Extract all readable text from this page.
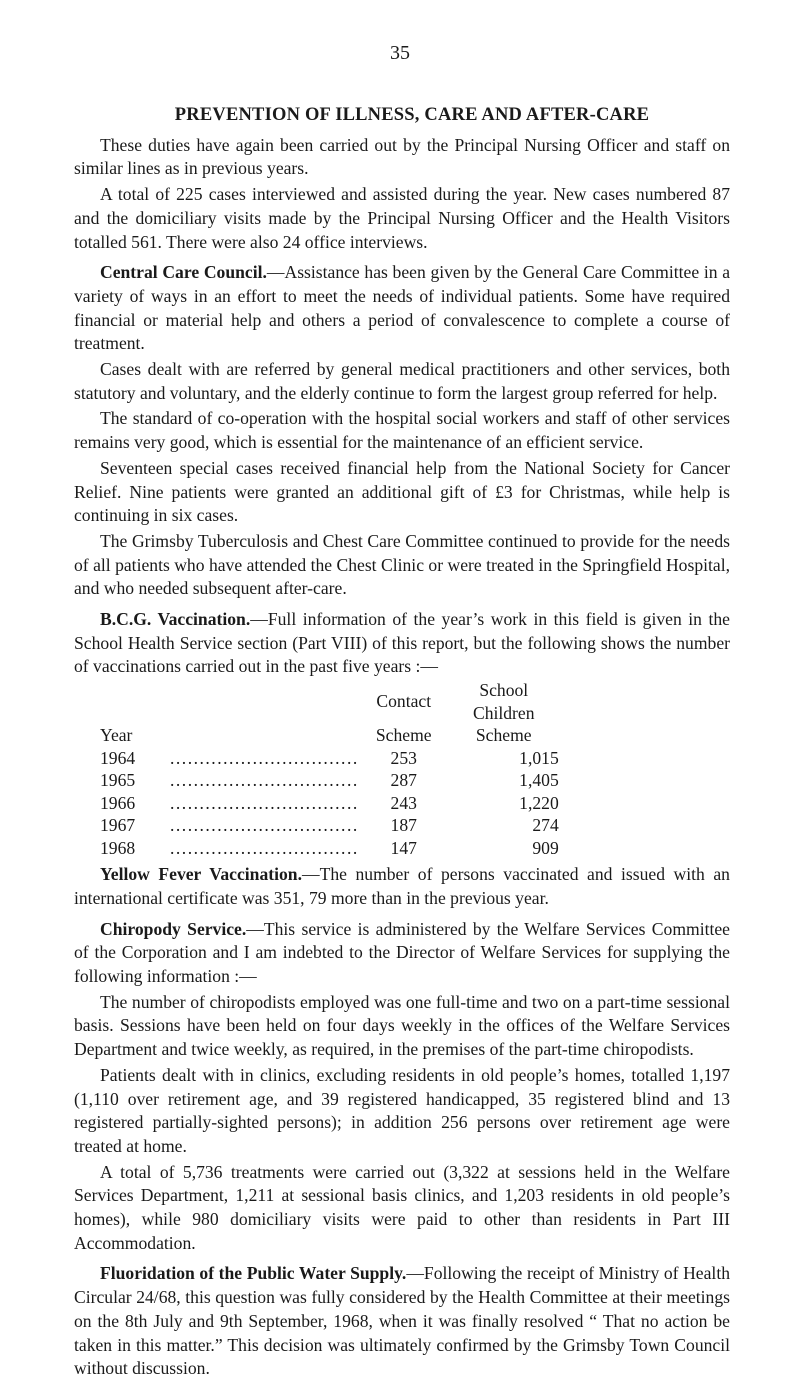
35
PREVENTION OF ILLNESS, CARE AND AFTER-CARE

These duties have again been carried out by the Principal Nursing Officer and staff on similar lines as in previous years.

A total of 225 cases interviewed and assisted during the year. New cases numbered 87 and the domiciliary visits made by the Principal Nursing Officer and the Health Visitors totalled 561. There were also 24 office interviews.

Central Care Council.—Assistance has been given by the General Care Committee in a variety of ways in an effort to meet the needs of individual patients. Some have required financial or material help and others a period of convalescence to complete a course of treatment.

Cases dealt with are referred by general medical practitioners and other services, both statutory and voluntary, and the elderly continue to form the largest group referred for help.

The standard of co-operation with the hospital social workers and staff of other services remains very good, which is essential for the maintenance of an efficient service.

Seventeen special cases received financial help from the National Society for Cancer Relief. Nine patients were granted an additional gift of £3 for Christmas, while help is continuing in six cases.

The Grimsby Tuberculosis and Chest Care Committee continued to provide for the needs of all patients who have attended the Chest Clinic or were treated in the Springfield Hospital, and who needed subsequent after-care.

B.C.G. Vaccination.—Full information of the year’s work in this field is given in the School Health Service section (Part VIII) of this report, but the following shows the number of vaccinations carried out in the past five years :—

		Contact	School Children
Year		Scheme	Scheme
1964	................................	253	1,015
1965	................................	287	1,405
1966	................................	243	1,220
1967	................................	187	274
1968	................................	147	909

Yellow Fever Vaccination.—The number of persons vaccinated and issued with an international certificate was 351, 79 more than in the previous year.

Chiropody Service.—This service is administered by the Welfare Services Committee of the Corporation and I am indebted to the Director of Welfare Services for supplying the following information :—

The number of chiropodists employed was one full-time and two on a part-time sessional basis. Sessions have been held on four days weekly in the offices of the Welfare Services Department and twice weekly, as required, in the premises of the part-time chiropodists.

Patients dealt with in clinics, excluding residents in old people’s homes, totalled 1,197 (1,110 over retirement age, and 39 registered handicapped, 35 registered blind and 13 registered partially-sighted persons); in addition 256 persons over retirement age were treated at home.

A total of 5,736 treatments were carried out (3,322 at sessions held in the Welfare Services Department, 1,211 at sessional basis clinics, and 1,203 residents in old people’s homes), while 980 domiciliary visits were paid to other than residents in Part III Accommodation.

Fluoridation of the Public Water Supply.—Following the receipt of Ministry of Health Circular 24/68, this question was fully considered by the Health Committee at their meetings on the 8th July and 9th September, 1968, when it was finally resolved “ That no action be taken in this matter.” This decision was ultimately confirmed by the Grimsby Town Council without discussion.
